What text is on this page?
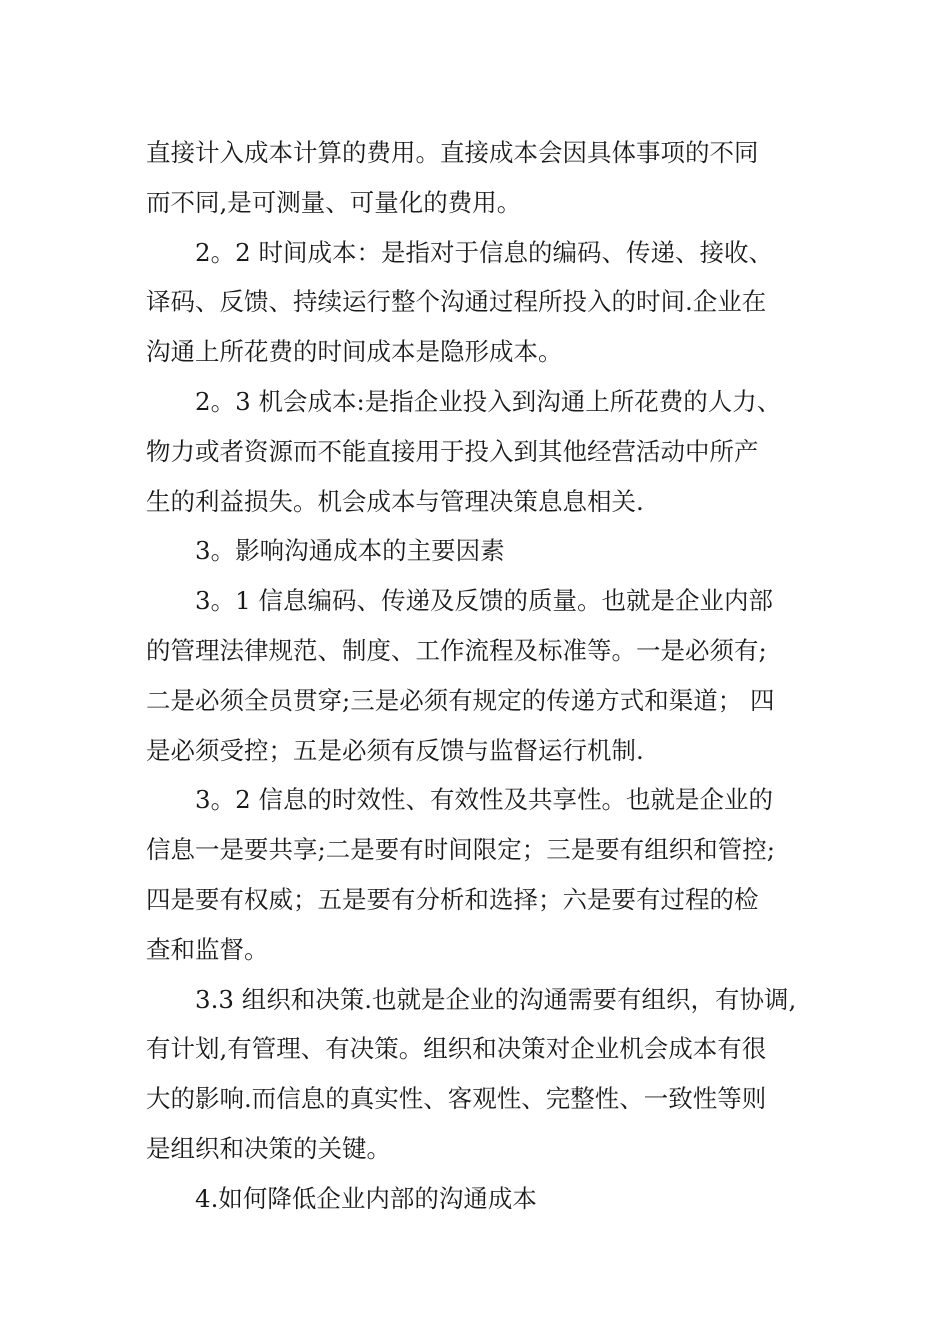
直接计入成本计算的费用。直接成本会因具体事项的不同
而不同,是可测量、可量化的费用。
2。2 时间成本：是指对于信息的编码、传递、接收、
译码、反馈、持续运行整个沟通过程所投入的时间.企业在
沟通上所花费的时间成本是隐形成本。
2。3 机会成本:是指企业投入到沟通上所花费的人力、
物力或者资源而不能直接用于投入到其他经营活动中所产
生的利益损失。机会成本与管理决策息息相关.
3。影响沟通成本的主要因素
3。1 信息编码、传递及反馈的质量。也就是企业内部
的管理法律规范、制度、工作流程及标准等。一是必须有;
二是必须全员贯穿;三是必须有规定的传递方式和渠道； 四
是必须受控；五是必须有反馈与监督运行机制.
3。2 信息的时效性、有效性及共享性。也就是企业的
信息一是要共享;二是要有时间限定；三是要有组织和管控;
四是要有权威；五是要有分析和选择；六是要有过程的检
查和监督。
3.3 组织和决策.也就是企业的沟通需要有组织，有协调,
有计划,有管理、有决策。组织和决策对企业机会成本有很
大的影响.而信息的真实性、客观性、完整性、一致性等则
是组织和决策的关键。
4.如何降低企业内部的沟通成本
